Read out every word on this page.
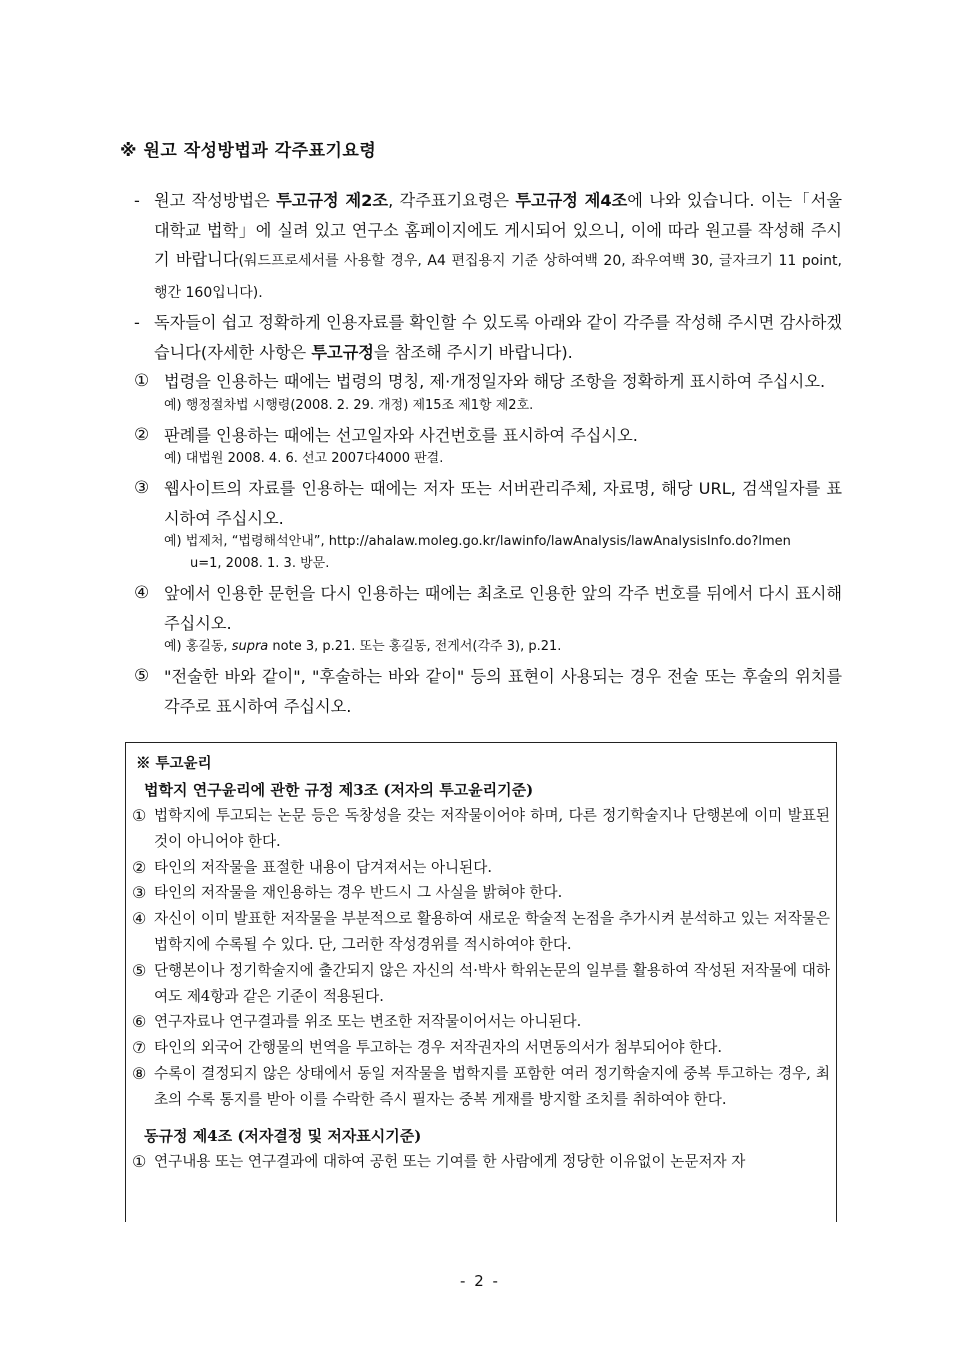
※ 원고 작성방법과 각주표기요령
- 원고 작성방법은 투고규정 제2조, 각주표기요령은 투고규정 제4조에 나와 있습니다. 이는「서울대학교 법학」에 실려 있고 연구소 홈페이지에도 게시되어 있으니, 이에 따라 원고를 작성해 주시기 바랍니다(워드프로세서를 사용할 경우, A4 편집용지 기준 상하여백 20, 좌우여백 30, 글자크기 11 point, 행간 160입니다).
- 독자들이 쉽고 정확하게 인용자료를 확인할 수 있도록 아래와 같이 각주를 작성해 주시면 감사하겠습니다(자세한 사항은 투고규정을 참조해 주시기 바랍니다).
① 법령을 인용하는 때에는 법령의 명칭, 제·개정일자와 해당 조항을 정확하게 표시하여 주십시오.
예) 행정절차법 시행령(2008. 2. 29. 개정) 제15조 제1항 제2호.
② 판례를 인용하는 때에는 선고일자와 사건번호를 표시하여 주십시오.
예) 대법원 2008. 4. 6. 선고 2007다4000 판결.
③ 웹사이트의 자료를 인용하는 때에는 저자 또는 서버관리주체, 자료명, 해당 URL, 검색일자를 표시하여 주십시오.
예) 법제처, “법령해석안내”, http://ahalaw.moleg.go.kr/lawinfo/lawAnalysis/lawAnalysisInfo.do?lmen
u=1, 2008. 1. 3. 방문.
④ 앞에서 인용한 문헌을 다시 인용하는 때에는 최초로 인용한 앞의 각주 번호를 뒤에서 다시 표시해 주십시오.
예) 홍길동, supra note 3, p.21. 또는 홍길동, 전게서(각주 3), p.21.
⑤ "전술한 바와 같이", "후술하는 바와 같이" 등의 표현이 사용되는 경우 전술 또는 후술의 위치를 각주로 표시하여 주십시오.
※ 투고윤리
법학지 연구윤리에 관한 규정 제3조 (저자의 투고윤리기준)
① 법학지에 투고되는 논문 등은 독창성을 갖는 저작물이어야 하며, 다른 정기학술지나 단행본에 이미 발표된 것이 아니어야 한다.
② 타인의 저작물을 표절한 내용이 담겨져서는 아니된다.
③ 타인의 저작물을 재인용하는 경우 반드시 그 사실을 밝혀야 한다.
④ 자신이 이미 발표한 저작물을 부분적으로 활용하여 새로운 학술적 논점을 추가시켜 분석하고 있는 저작물은 법학지에 수록될 수 있다. 단, 그러한 작성경위를 적시하여야 한다.
⑤ 단행본이나 정기학술지에 출간되지 않은 자신의 석·박사 학위논문의 일부를 활용하여 작성된 저작물에 대하여도 제4항과 같은 기준이 적용된다.
⑥ 연구자료나 연구결과를 위조 또는 변조한 저작물이어서는 아니된다.
⑦ 타인의 외국어 간행물의 번역을 투고하는 경우 저작권자의 서면동의서가 첨부되어야 한다.
⑧ 수록이 결정되지 않은 상태에서 동일 저작물을 법학지를 포함한 여러 정기학술지에 중복 투고하는 경우, 최초의 수록 통지를 받아 이를 수락한 즉시 필자는 중복 게재를 방지할 조치를 취하여야 한다.
동규정 제4조 (저자결정 및 저자표시기준)
① 연구내용 또는 연구결과에 대하여 공헌 또는 기여를 한 사람에게 정당한 이유없이 논문저자 자
- 2 -
